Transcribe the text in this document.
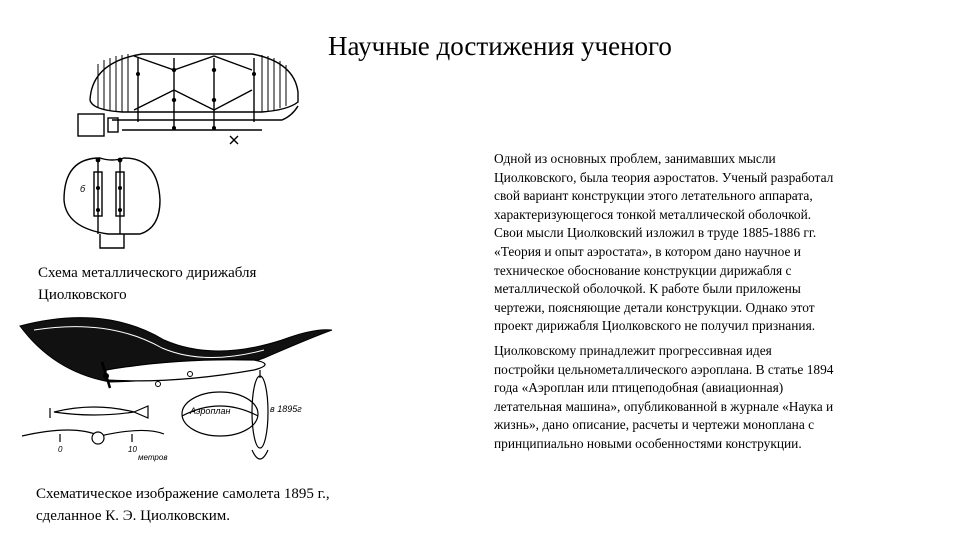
Научные достижения ученого
б
Схема металлического дирижабля Циолковского
Аэроплан	в 1895г
0	10
метров
Схематическое изображение самолета 1895 г., сделанное К. Э. Циолковским.

Одной из основных проблем, занимавших мысли Циолковского, была теория аэростатов. Ученый разработал свой вариант конструкции этого летательного аппарата, характеризующегося тонкой металлической оболочкой. Свои мысли Циолковский изложил в труде 1885-1886 гг. «Теория и опыт аэростата», в котором дано научное и техническое обоснование конструкции дирижабля с металлической оболочкой. К работе были приложены чертежи, поясняющие детали конструкции. Однако этот проект дирижабля Циолковского не получил признания.

Циолковскому принадлежит прогрессивная идея постройки цельнометаллического аэроплана. В статье 1894 года «Аэроплан или птицеподобная (авиационная) летательная машина», опубликованной в журнале «Наука и жизнь», дано описание, расчеты и чертежи моноплана с принципиально новыми особенностями конструкции.
